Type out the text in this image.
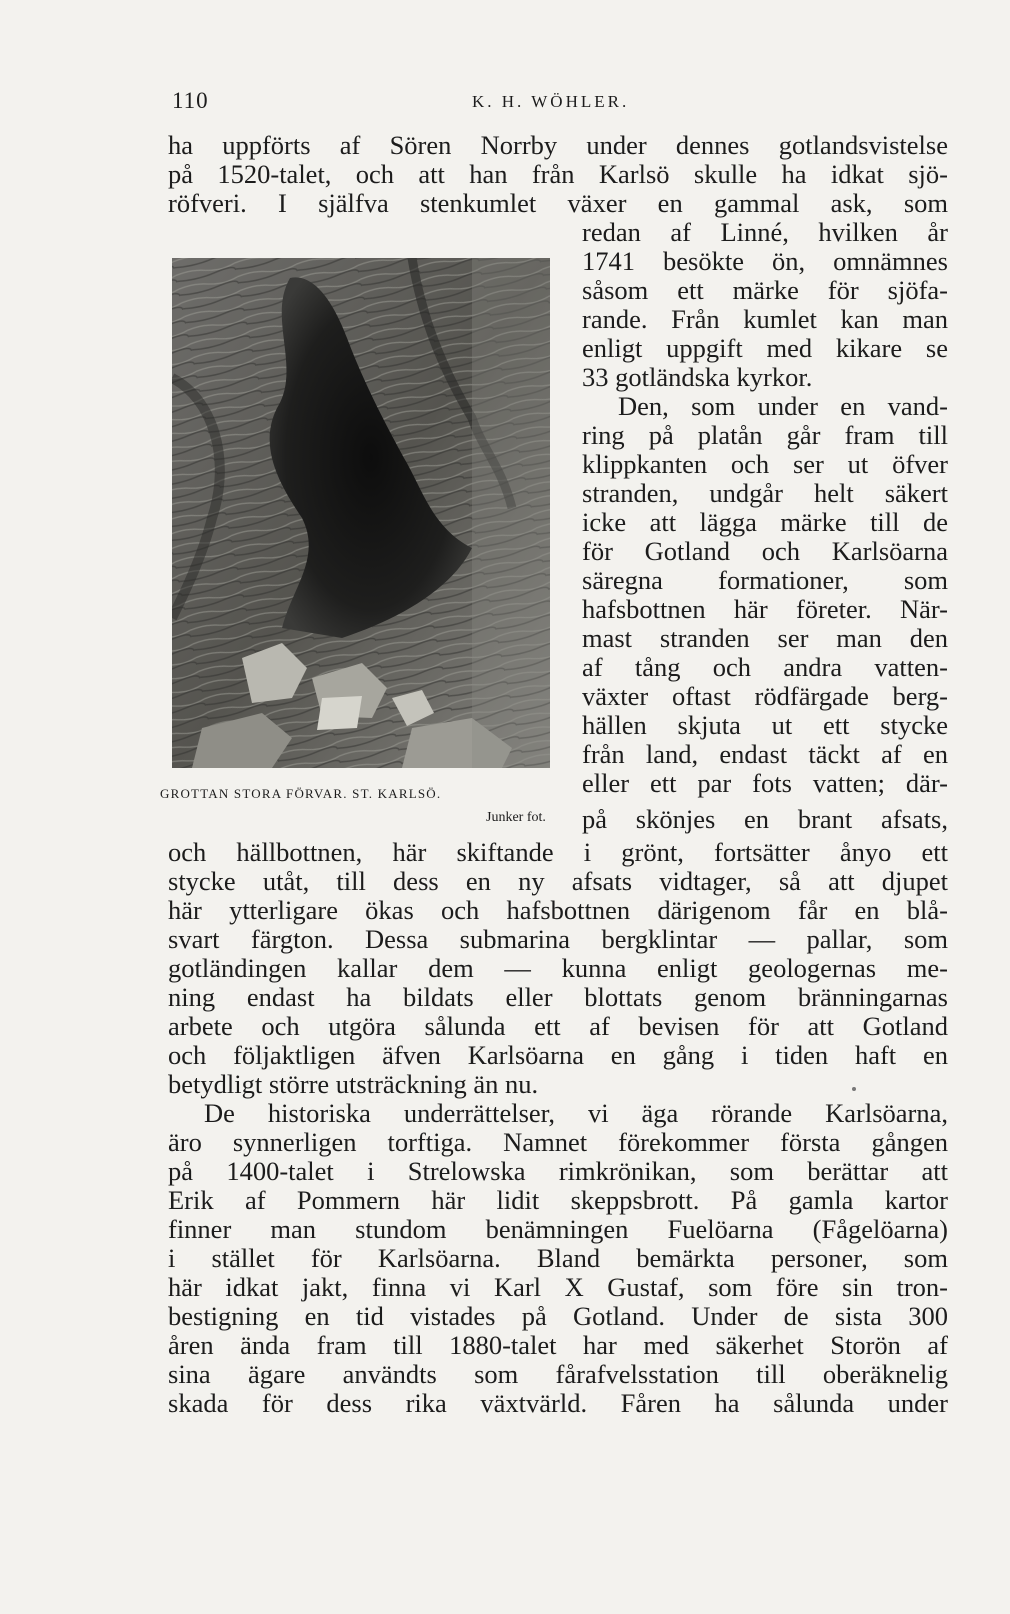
110	K. H. WÖHLER.
ha uppförts af Sören Norrby under dennes gotlandsvistelse
på 1520-talet, och att han från Karlsö skulle ha idkat sjö-
röfveri. I själfva stenkumlet växer en gammal ask, som
redan af Linné, hvilken år
1741 besökte ön, omnämnes
såsom ett märke för sjöfa-
rande. Från kumlet kan man
enligt uppgift med kikare se
33 gotländska kyrkor.
Den, som under en vand-
ring på platån går fram till
klippkanten och ser ut öfver
stranden, undgår helt säkert
icke att lägga märke till de
för Gotland och Karlsöarna
säregna formationer, som
hafsbottnen här företer. När-
mast stranden ser man den
af tång och andra vatten-
växter oftast rödfärgade berg-
hällen skjuta ut ett stycke
från land, endast täckt af en
eller ett par fots vatten; där-
på skönjes en brant afsats,
GROTTAN STORA FÖRVAR. ST. KARLSÖ.
Junker fot.
och hällbottnen, här skiftande i grönt, fortsätter ånyo ett
stycke utåt, till dess en ny afsats vidtager, så att djupet
här ytterligare ökas och hafsbottnen därigenom får en blå-
svart färgton. Dessa submarina bergklintar — pallar, som
gotländingen kallar dem — kunna enligt geologernas me-
ning endast ha bildats eller blottats genom bränningarnas
arbete och utgöra sålunda ett af bevisen för att Gotland
och följaktligen äfven Karlsöarna en gång i tiden haft en
betydligt större utsträckning än nu.
De historiska underrättelser, vi äga rörande Karlsöarna,
äro synnerligen torftiga. Namnet förekommer första gången
på 1400-talet i Strelowska rimkrönikan, som berättar att
Erik af Pommern här lidit skeppsbrott. På gamla kartor
finner man stundom benämningen Fuelöarna (Fågelöarna)
i stället för Karlsöarna. Bland bemärkta personer, som
här idkat jakt, finna vi Karl X Gustaf, som före sin tron-
bestigning en tid vistades på Gotland. Under de sista 300
åren ända fram till 1880-talet har med säkerhet Storön af
sina ägare användts som fårafvelsstation till oberäknelig
skada för dess rika växtvärld. Fåren ha sålunda under
